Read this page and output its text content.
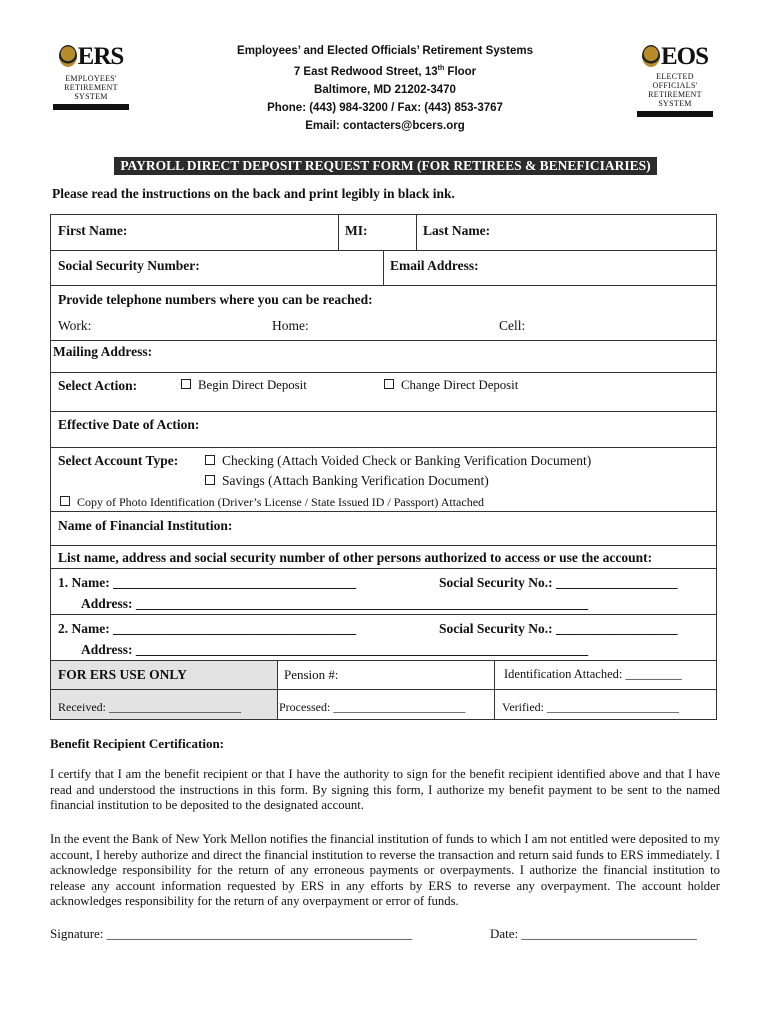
ERS
EMPLOYEES'
RETIREMENT
SYSTEM
EOS
ELECTED
OFFICIALS'
RETIREMENT
SYSTEM
Employees’ and Elected Officials’ Retirement Systems
7 East Redwood Street, 13th Floor
Baltimore, MD 21202-3470
Phone: (443) 984-3200 / Fax: (443) 853-3767
Email: contacters@bcers.org
PAYROLL DIRECT DEPOSIT REQUEST FORM (FOR RETIREES & BENEFICIARIES)
Please read the instructions on the back and print legibly in black ink.
First Name:	MI:	Last Name:
Social Security Number:	Email Address:
Provide telephone numbers where you can be reached:
Work:	Home:	Cell:
Mailing Address:
Select Action:	Begin Direct Deposit	Change Direct Deposit
Effective Date of Action:
Select Account Type:	Checking (Attach Voided Check or Banking Verification Document)
Savings (Attach Banking Verification Document)
Copy of Photo Identification (Driver’s License / State Issued ID / Passport) Attached
Name of Financial Institution:
List name, address and social security number of other persons authorized to access or use the account:
1. Name: ____________________________________	Social Security No.: __________________
Address: ___________________________________________________________________
2. Name: ____________________________________	Social Security No.: __________________
Address: ___________________________________________________________________
FOR ERS USE ONLY	Pension #:	Identification Attached: _________
Received: ______________________	Processed: ______________________	Verified: ______________________
Benefit Recipient Certification:
I certify that I am the benefit recipient or that I have the authority to sign for the benefit recipient identified above and that I have read and understood the instructions in this form. By signing this form, I authorize my benefit payment to be sent to the named financial institution to be deposited to the designated account.
In the event the Bank of New York Mellon notifies the financial institution of funds to which I am not entitled were deposited to my account, I hereby authorize and direct the financial institution to reverse the transaction and return said funds to ERS immediately. I acknowledge responsibility for the return of any erroneous payments or overpayments. I authorize the financial institution to release any account information requested by ERS in any efforts by ERS to reverse any overpayment. The account holder acknowledges responsibility for the return of any overpayment or error of funds.
Signature: _______________________________________________	Date: ___________________________
